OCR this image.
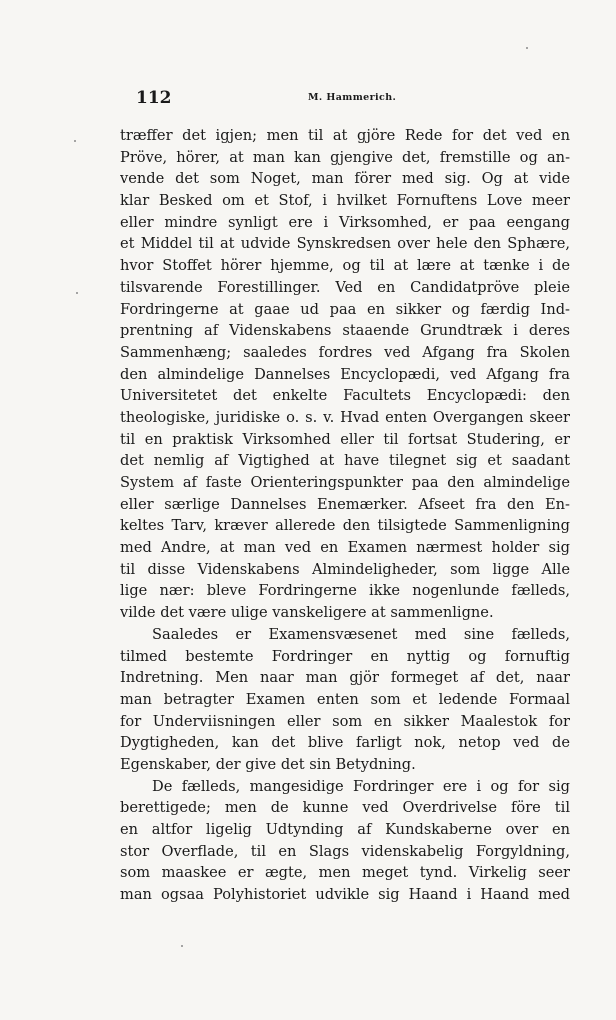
112	M. Hammerich.
træffer det igjen; men til at gjöre Rede for det ved en
Pröve, hörer, at man kan gjengive det, fremstille og an-
vende det som Noget, man förer med sig. Og at vide
klar Besked om et Stof, i hvilket Fornuftens Love meer
eller mindre synligt ere i Virksomhed, er paa eengang
et Middel til at udvide Synskredsen over hele den Sphære,
hvor Stoffet hörer hjemme, og til at lære at tænke i de
tilsvarende Forestillinger. Ved en Candidatpröve pleie
Fordringerne at gaae ud paa en sikker og færdig Ind-
prentning af Videnskabens staaende Grundtræk i deres
Sammenhæng; saaledes fordres ved Afgang fra Skolen
den almindelige Dannelses Encyclopædi, ved Afgang fra
Universitetet det enkelte Facultets Encyclopædi: den
theologiske, juridiske o. s. v. Hvad enten Overgangen skeer
til en praktisk Virksomhed eller til fortsat Studering, er
det nemlig af Vigtighed at have tilegnet sig et saadant
System af faste Orienteringspunkter paa den almindelige
eller særlige Dannelses Enemærker. Afseet fra den En-
keltes Tarv, kræver allerede den tilsigtede Sammenligning
med Andre, at man ved en Examen nærmest holder sig
til disse Videnskabens Almindeligheder, som ligge Alle
lige nær: bleve Fordringerne ikke nogenlunde fælleds,
vilde det være ulige vanskeligere at sammenligne.
Saaledes er Examensvæsenet med sine fælleds,
tilmed bestemte Fordringer en nyttig og fornuftig
Indretning. Men naar man gjör formeget af det, naar
man betragter Examen enten som et ledende Formaal
for Underviisningen eller som en sikker Maalestok for
Dygtigheden, kan det blive farligt nok, netop ved de
Egenskaber, der give det sin Betydning.
De fælleds, mangesidige Fordringer ere i og for sig
berettigede; men de kunne ved Overdrivelse före til
en altfor ligelig Udtynding af Kundskaberne over en
stor Overflade, til en Slags videnskabelig Forgyldning,
som maaskee er ægte, men meget tynd. Virkelig seer
man ogsaa Polyhistoriet udvikle sig Haand i Haand med
